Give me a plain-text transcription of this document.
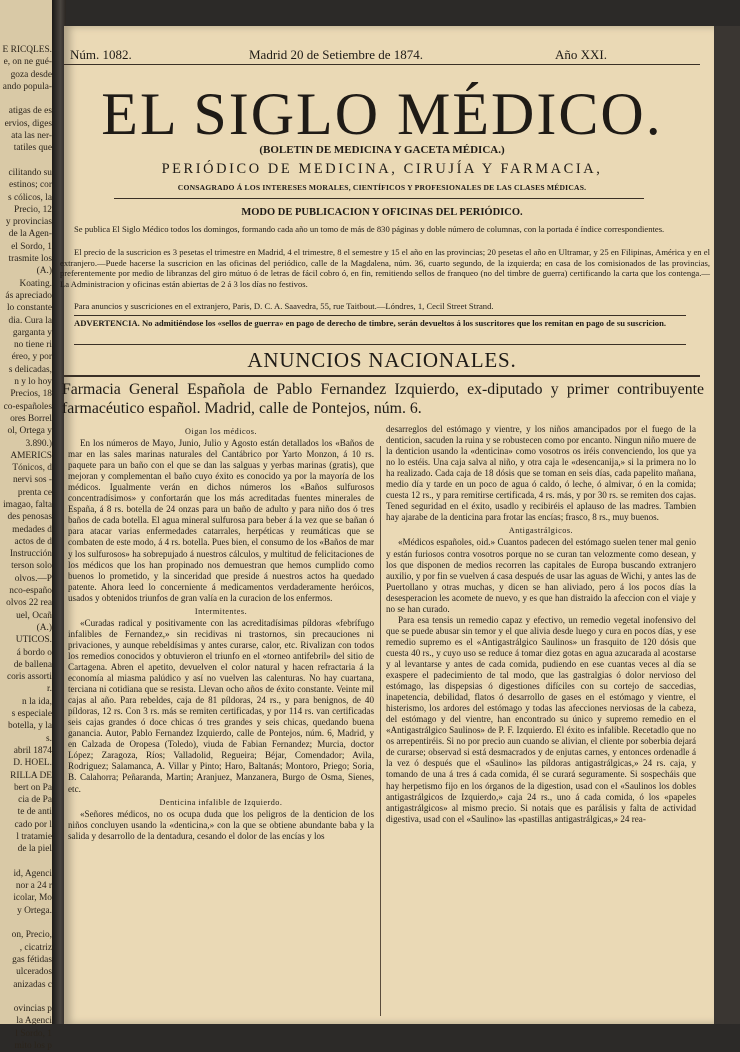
E RICQLES.
e, on ne gué-
goza desde
ando popula-

atigas de es
ervios, diges
ata las ner-
tatiles que

cilitando su
estinos; cor
s cólicos, la
Precio, 12
y provincias
de la Agen-
el Sordo, 1
trasmite los
(A.)
Koating.
ás apreciado
lo constante
dia. Cura la
garganta y
no tiene ri
éreo, y por
s delicadas,
n y lo hoy
Precios, 18
co-españoles
ores Borrel
ol, Ortega y
3.890.)
AMERICS
Tónicos, d
nervi sos -
prenta ce
imagao, falta
des penosas
medades d
actos de d
Instrucción
terson solo
olvos.—P
nco-españo
olvos 22 rea
uel, Ocañ
(A.)
UTICOS.
á bordo o
de ballena
coris assorti
r.
n la ida,
s especiale
botella, y la
s.
abril 1874
D. HOEL.
RILLA DE
bert on Pa
cia de Pa
te de anti
cado por l
l tratamie
de la piel

id, Agenci
nor a 24 r
icolar, Mo
y Ortega.

on, Precio,
, cicatriz
gas fétidas
ulcerados
anizadas c

ovincias p
la Agenci
l Sordo, 1
mito los p
Núm. 1082.	Madrid 20 de Setiembre de 1874.	Año XXI.
EL SIGLO MÉDICO.
(BOLETIN DE MEDICINA Y GACETA MÉDICA.)
PERIÓDICO DE MEDICINA, CIRUJÍA Y FARMACIA,
CONSAGRADO Á LOS INTERESES MORALES, CIENTÍFICOS Y PROFESIONALES DE LAS CLASES MÉDICAS.
MODO DE PUBLICACION Y OFICINAS DEL PERIÓDICO.
Se publica El Siglo Médico todos los domingos, formando cada año un tomo de más de 830 páginas y doble número de columnas, con la portada é índice correspondientes.
El precio de la suscricion es 3 pesetas el trimestre en Madrid, 4 el trimestre, 8 el semestre y 15 el año en las provincias; 20 pesetas el año en Ultramar, y 25 en Filipinas, América y en el extranjero.—Puede hacerse la suscricion en las oficinas del periódico, calle de la Magdalena, núm. 36, cuarto segundo, de la izquierda; en casa de los comisionados de las provincias, preferentemente por medio de libranzas del giro mútuo ó de letras de fácil cobro ó, en fin, remitiendo sellos de franqueo (no del timbre de guerra) certificando la carta que los contenga.—La Administracion y oficinas están abiertas de 2 á 3 los días no festivos.
Para anuncios y suscriciones en el extranjero, Paris, D. C. A. Saavedra, 55, rue Taitbout.—Lóndres, 1, Cecil Street Strand.
ADVERTENCIA. No admitiéndose los «sellos de guerra» en pago de derecho de timbre, serán devueltos á los suscritores que los remitan en pago de su suscricion.
ANUNCIOS NACIONALES.
Farmacia General Española de Pablo Fernandez Izquierdo, ex-diputado y primer contribuyente farmacéutico español. Madrid, calle de Pontejos, núm. 6.

Oigan los médicos.

En los números de Mayo, Junio, Julio y Agosto están detallados los «Baños de mar en las sales marinas naturales del Cantábrico por Yarto Monzon, á 10 rs. paquete para un baño con el que se dan las salguas y yerbas marinas (gratis), que mejoran y complementan el baño cuyo éxito es conocido ya por la mayoría de los médicos. Igualmente verán en dichos números los «Baños sulfurosos concentradísimos» y confortarán que los más acreditadas fuentes minerales de España, á 8 rs. botella de 24 onzas para un baño de adulto y para niño dos ó tres baños de cada botella. El agua mineral sulfurosa para beber á la vez que se bañan ó para atacar varias enfermedades catarrales, herpéticas y reumáticas que se combaten de este modo, á 4 rs. botella. Pues bien, el consumo de los «Baños de mar y los sulfurosos» ha sobrepujado á nuestros cálculos, y multitud de felicitaciones de los médicos que los han propinado nos demuestran que hemos cumplido como buenos lo prometido, y la sinceridad que preside á nuestros actos ha quedado patente. Ahora leed lo concerniente á medicamentos verdaderamente heróicos, usados y obtenidos triunfos de gran valía en la curacion de los enfermos.

Intermitentes.

«Curadas radical y positivamente con las acreditadísimas píldoras «febrífugo infalibles de Fernandez,» sin recidivas ni trastornos, sin precauciones ni privaciones, y aunque rebeldísimas y antes curarse, calor, etc. Rivalizan con todos los remedios conocidos y obtuvieron el triunfo en el «torneo antifebril» del sitio de Cartagena. Abren el apetito, devuelven el color natural y hacen refractaria á la economía al miasma palúdico y así no vuelven las calenturas. No hay cuartana, terciana ni cotidiana que se resista. Llevan ocho años de éxito constante. Veinte mil cajas al año. Para rebeldes, caja de 81 píldoras, 24 rs., y para benignos, de 40 píldoras, 12 rs. Con 3 rs. más se remiten certificadas, y por 114 rs. van certificadas seis cajas grandes ó doce chicas ó tres grandes y seis chicas, quedando buena ganancia. Autor, Pablo Fernandez Izquierdo, calle de Pontejos, núm. 6, Madrid, y en Calzada de Oropesa (Toledo), viuda de Fabian Fernandez; Murcia, doctor López; Zaragoza, Ríos; Valladolid, Regueira; Béjar, Comendador; Avila, Rodriguez; Salamanca, A. Villar y Pinto; Haro, Baltanás; Montoro, Priego; Soria, B. Calahorra; Peñaranda, Martin; Aranjuez, Manzanera, Burgo de Osma, Sienes, etc.

Denticina infalible de Izquierdo.

«Señores médicos, no os ocupa duda que los peligros de la denticion de los niños concluyen usando la «denticina,» con la que se obtiene abundante baba y la salida y desarrollo de la dentadura, cesando el dolor de las encías y los

desarreglos del estómago y vientre, y los niños amancipados por el fuego de la denticion, sacuden la ruina y se robustecen como por encanto. Ningun niño muere de la denticion usando la «denticina» como vosotros os iréis convenciendo, los que ya no lo estéis. Una caja salva al niño, y otra caja le «desencanija,» si la primera no lo ha realizado. Cada caja de 18 dósis que se toman en seis días, cada papelito mañana, medio día y tarde en un poco de agua ó caldo, ó leche, ó almivar, ó en la comida; cuesta 12 rs., y para remitirse certificada, 4 rs. más, y por 30 rs. se remiten dos cajas. Tened seguridad en el éxito, usadlo y recibiréis el aplauso de las madres. Tambien hay ajarabe de la denticina para frotar las encías; frasco, 8 rs., muy buenos.

Antigastrálgicos.

«Médicos españoles, oid.» Cuantos padecen del estómago suelen tener mal genio y están furiosos contra vosotros porque no se curan tan velozmente como desean, y los que disponen de medios recorren las capitales de Europa buscando extranjero auxilio, y por fin se vuelven á casa después de usar las aguas de Wichi, y antes las de Puertollano y otras muchas, y dicen se han aliviado, pero á los pocos días la desesperacion les acomete de nuevo, y es que han distraido la afeccion con el viaje y no se han curado.

Para esa tensis un remedio capaz y efectivo, un remedio vegetal inofensivo del que se puede abusar sin temor y el que alivia desde luego y cura en pocos días, y ese remedio supremo es el «Antigastrálgico Saulinos» un frasquito de 120 dósis que cuesta 40 rs., y cuyo uso se reduce á tomar diez gotas en agua azucarada al acostarse y al levantarse y antes de cada comida, pudiendo en ese cuantas veces al día se exaspere el padecimiento de tal modo, que las gastralgias ó dolor nervioso del estómago, las dispepsias ó digestiones difíciles con su cortejo de saccedias, inapetencia, debilidad, flatos ó desarrollo de gases en el estómago y vientre, el histerismo, los ardores del estómago y todas las afecciones nerviosas de la cabeza, del estómago y del vientre, han encontrado su único y supremo remedio en el «Antigastrálgico Saulinos» de P. F. Izquierdo. El éxito es infalible. Recetadlo que no os arrepentiréis. Si no por precio aun cuando se alivian, el cliente por soberbia dejará de curarse; observad si está desmacrados y de enjutas carnes, y entonces ordenadle á la vez ó después que el «Saulino» las píldoras antigastrálgicas,» 24 rs. caja, y tomando de una á tres á cada comida, él se curará seguramente. Si sospecháis que hay herpetismo fijo en los órganos de la digestion, usad con el «Saulinos los dobles antigastrálgicos de Izquierdo,» caja 24 rs., uno á cada comida, ó los «papeles antigastrálgicos» al mismo precio. Si notais que es parálisis y falta de actividad digestiva, usad con el «Saulino» las «pastillas antigastrálgicas,» 24 rea-
